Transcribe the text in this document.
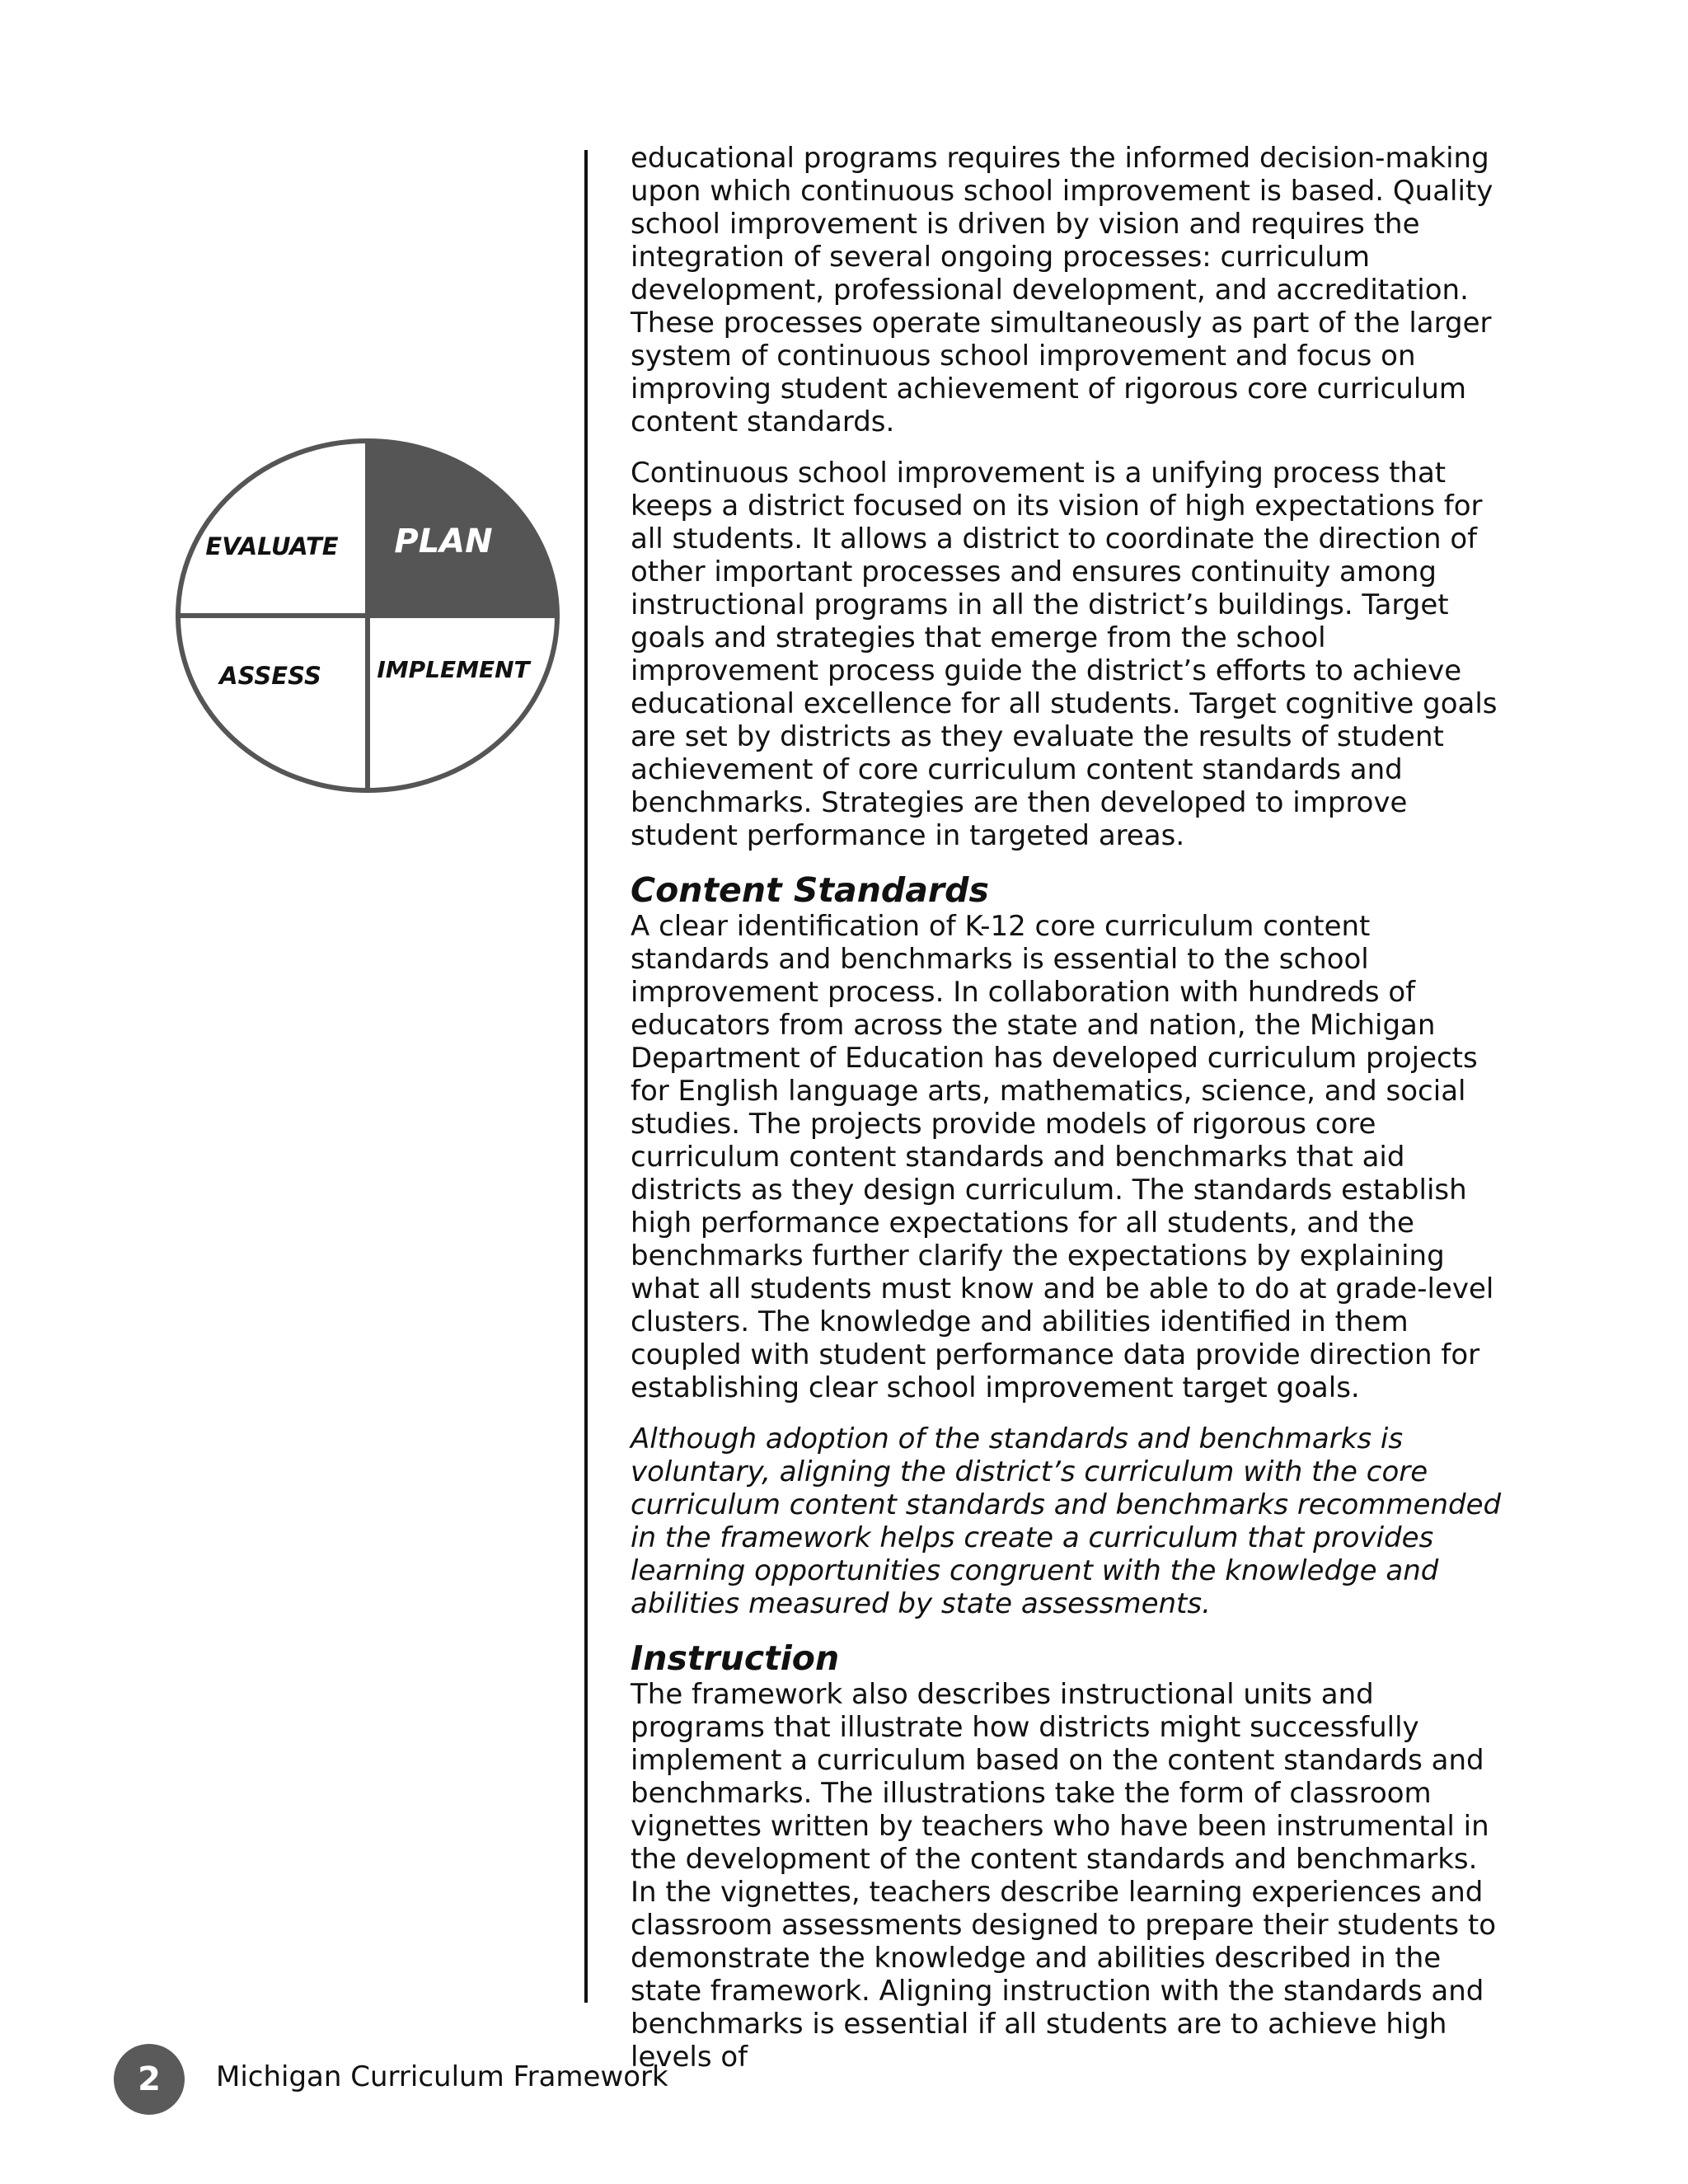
EVALUATE PLAN
ASSESS IMPLEMENT

educational programs requires the informed decision-making upon which continuous school improvement is based. Quality school improvement is driven by vision and requires the integration of several ongoing processes: curriculum development, professional development, and accreditation. These processes operate simultaneously as part of the larger system of continuous school improvement and focus on improving student achievement of rigorous core curriculum content standards.

Continuous school improvement is a unifying process that keeps a district focused on its vision of high expectations for all students. It allows a district to coordinate the direction of other important processes and ensures continuity among instructional programs in all the district’s buildings. Target goals and strategies that emerge from the school improvement process guide the district’s efforts to achieve educational excellence for all students. Target cognitive goals are set by districts as they evaluate the results of student achievement of core curriculum content standards and benchmarks. Strategies are then developed to improve student performance in targeted areas.

Content Standards

A clear identification of K-12 core curriculum content standards and benchmarks is essential to the school improvement process. In collaboration with hundreds of educators from across the state and nation, the Michigan Department of Education has developed curriculum projects for English language arts, mathematics, science, and social studies. The projects provide models of rigorous core curriculum content standards and benchmarks that aid districts as they design curriculum. The standards establish high performance expectations for all students, and the benchmarks further clarify the expectations by explaining what all students must know and be able to do at grade-level clusters. The knowledge and abilities identified in them coupled with student performance data provide direction for establishing clear school improvement target goals.

Although adoption of the standards and benchmarks is voluntary, aligning the district’s curriculum with the core curriculum content standards and benchmarks recommended in the framework helps create a curriculum that provides learning opportunities congruent with the knowledge and abilities measured by state assessments.

Instruction

The framework also describes instructional units and programs that illustrate how districts might successfully implement a curriculum based on the content standards and benchmarks. The illustrations take the form of classroom vignettes written by teachers who have been instrumental in the development of the content standards and benchmarks. In the vignettes, teachers describe learning experiences and classroom assessments designed to prepare their students to demonstrate the knowledge and abilities described in the state framework. Aligning instruction with the standards and benchmarks is essential if all students are to achieve high levels of

2	Michigan Curriculum Framework
